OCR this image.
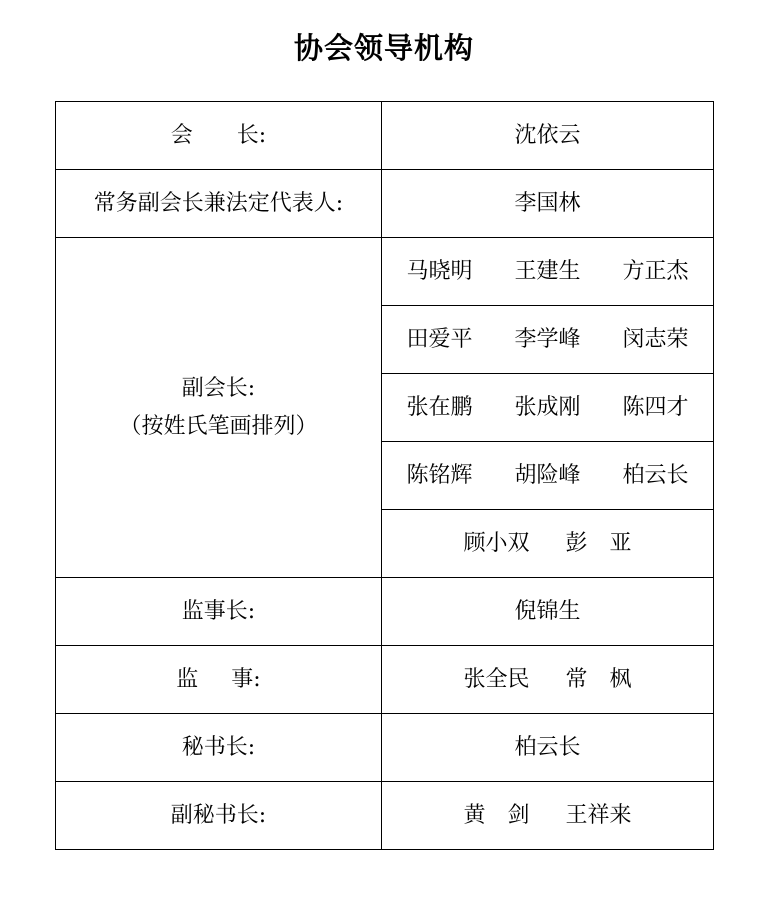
协会领导机构
会 长:	沈依云
常务副会长兼法定代表人:	李国林

副会长:
（按姓氏笔画排列）	马晓明 王建生 方正杰
	田爱平 李学峰 闵志荣
	张在鹏 张成刚 陈四才
	陈铭辉 胡险峰 柏云长
	顾小双 彭 亚
监事长:	倪锦生
监 事:	张全民 常 枫
秘书长:	柏云长
副秘书长:	黄 剑 王祥来
